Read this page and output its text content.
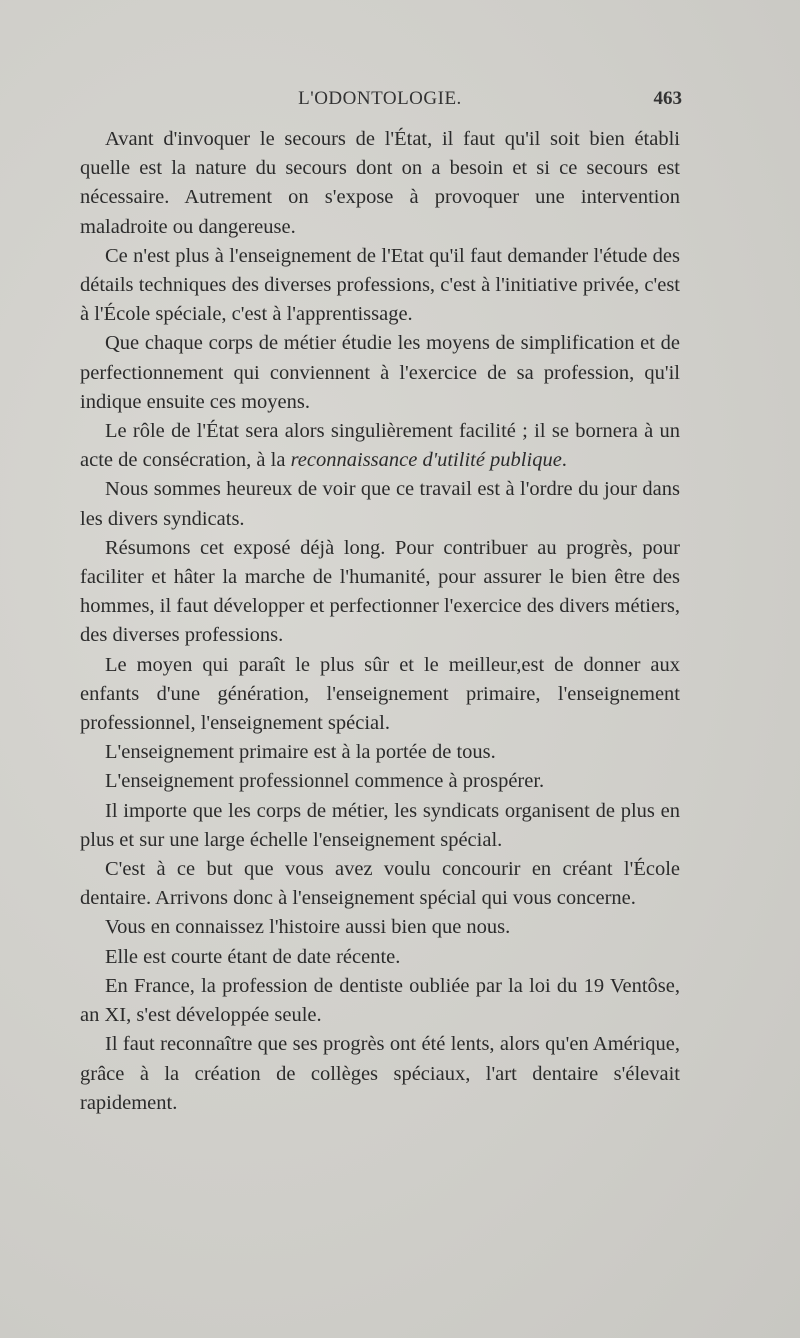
L'ODONTOLOGIE.	463

Avant d'invoquer le secours de l'État, il faut qu'il soit bien établi quelle est la nature du secours dont on a besoin et si ce secours est nécessaire. Autrement on s'expose à provoquer une intervention maladroite ou dangereuse.

Ce n'est plus à l'enseignement de l'Etat qu'il faut demander l'étude des détails techniques des diverses professions, c'est à l'initiative privée, c'est à l'École spéciale, c'est à l'apprentissage.

Que chaque corps de métier étudie les moyens de simplification et de perfectionnement qui conviennent à l'exercice de sa profession, qu'il indique ensuite ces moyens.

Le rôle de l'État sera alors singulièrement facilité ; il se bornera à un acte de consécration, à la reconnaissance d'utilité publique.

Nous sommes heureux de voir que ce travail est à l'ordre du jour dans les divers syndicats.

Résumons cet exposé déjà long. Pour contribuer au progrès, pour faciliter et hâter la marche de l'humanité, pour assurer le bien être des hommes, il faut développer et perfectionner l'exercice des divers métiers, des diverses professions.

Le moyen qui paraît le plus sûr et le meilleur,est de donner aux enfants d'une génération, l'enseignement primaire, l'enseignement professionnel, l'enseignement spécial.

L'enseignement primaire est à la portée de tous.

L'enseignement professionnel commence à prospérer.

Il importe que les corps de métier, les syndicats organisent de plus en plus et sur une large échelle l'enseignement spécial.

C'est à ce but que vous avez voulu concourir en créant l'École dentaire. Arrivons donc à l'enseignement spécial qui vous concerne.

Vous en connaissez l'histoire aussi bien que nous.

Elle est courte étant de date récente.

En France, la profession de dentiste oubliée par la loi du 19 Ventôse, an XI, s'est développée seule.

Il faut reconnaître que ses progrès ont été lents, alors qu'en Amérique, grâce à la création de collèges spéciaux, l'art dentaire s'élevait rapidement.
